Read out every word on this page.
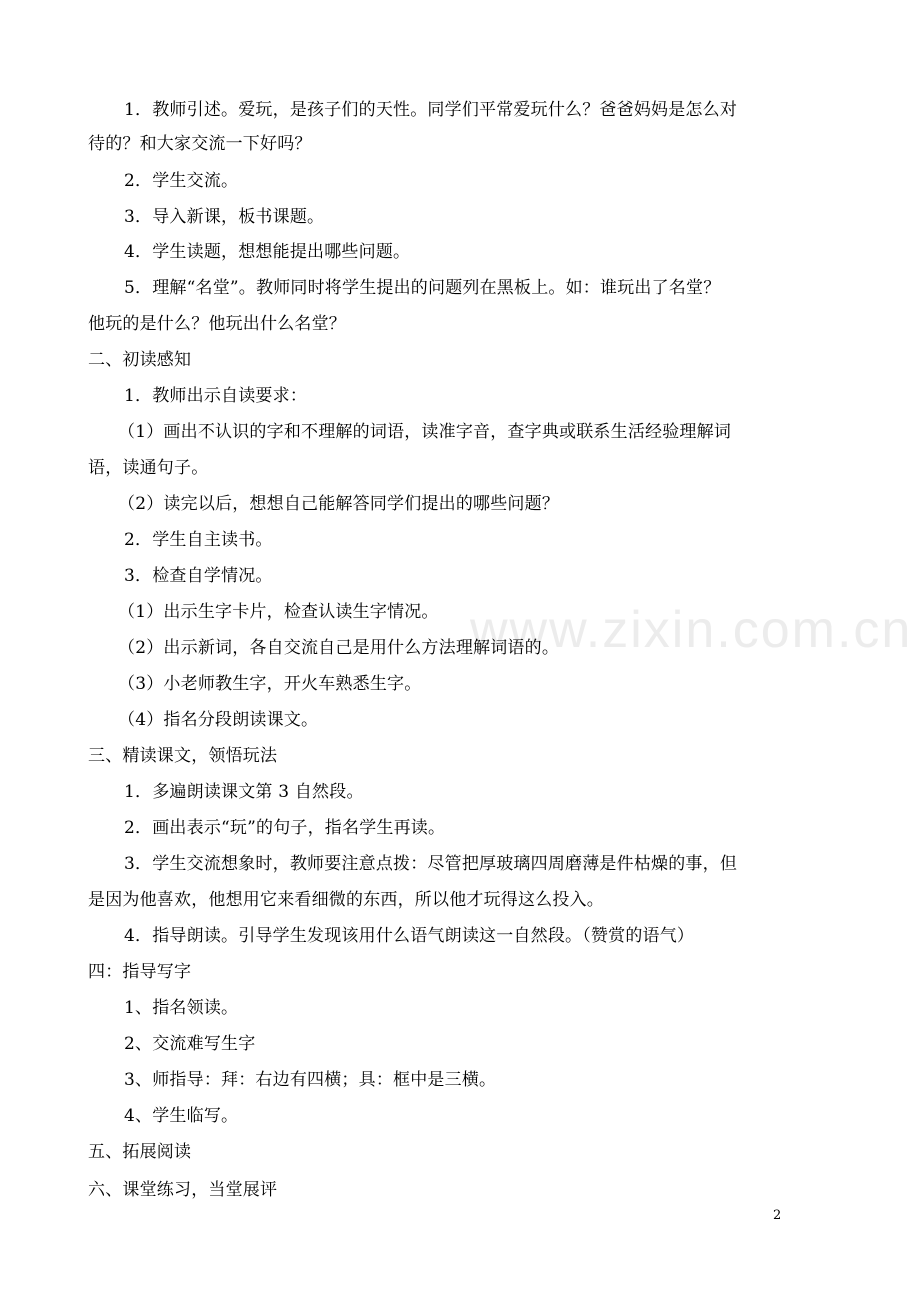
www.zixin.com.cn
1．教师引述。爱玩，是孩子们的天性。同学们平常爱玩什么？爸爸妈妈是怎么对
待的？和大家交流一下好吗？
2．学生交流。
3．导入新课，板书课题。
4．学生读题，想想能提出哪些问题。
5．理解“名堂”。教师同时将学生提出的问题列在黑板上。如：谁玩出了名堂？
他玩的是什么？他玩出什么名堂？
二、初读感知
1．教师出示自读要求：
（1）画出不认识的字和不理解的词语，读准字音，查字典或联系生活经验理解词
语，读通句子。
（2）读完以后，想想自己能解答同学们提出的哪些问题？
2．学生自主读书。
3．检查自学情况。
（1）出示生字卡片，检查认读生字情况。
（2）出示新词，各自交流自己是用什么方法理解词语的。
（3）小老师教生字，开火车熟悉生字。
（4）指名分段朗读课文。
三、精读课文，领悟玩法
1．多遍朗读课文第 3 自然段。
2．画出表示“玩”的句子，指名学生再读。
3．学生交流想象时，教师要注意点拨：尽管把厚玻璃四周磨薄是件枯燥的事，但
是因为他喜欢，他想用它来看细微的东西，所以他才玩得这么投入。
4．指导朗读。引导学生发现该用什么语气朗读这一自然段。（赞赏的语气）
四：指导写字
1、指名领读。
2、交流难写生字
3、师指导：拜：右边有四横；具：框中是三横。
4、学生临写。
五、拓展阅读
六、课堂练习，当堂展评
2
